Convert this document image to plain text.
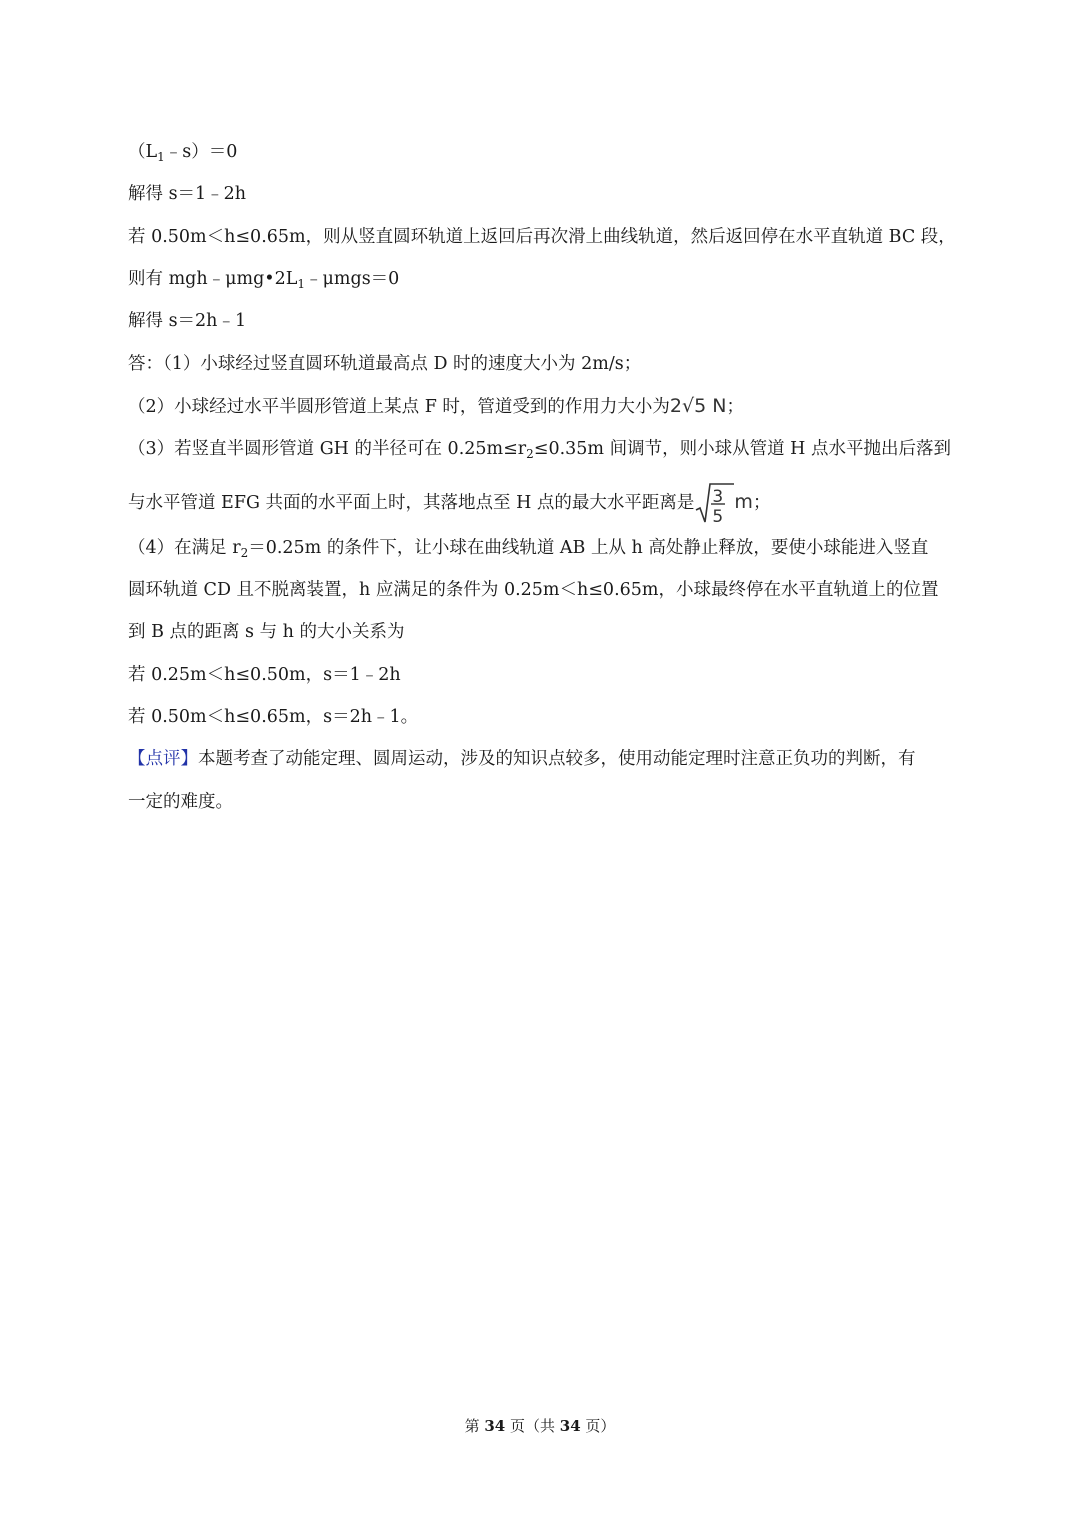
$(L_1﹣s)=0$
解得 s＝1﹣2h
若 0.50m＜h≤0.65m，则从竖直圆环轨道上返回后再次滑上曲线轨道，然后返回停在水平直轨道 BC 段，
则有 $mgh﹣\mu mg•2L_1﹣\mu mgs=0$
解得 s＝2h﹣1
答：（1）小球经过竖直圆环轨道最高点 D 时的速度大小为 2m/s；
（2）小球经过水平半圆形管道上某点 F 时，管道受到的作用力大小为2√5 N；
（3）若竖直半圆形管道 GH 的半径可在 $0.25m\le r_2\le 0.35m$ 间调节，则小球从管道 H 点水平抛出后落到
与水平管道 EFG 共面的水平面上时，其落地点至 H 点的最大水平距离是 3
5
m；
（4）在满足 $r_2=0.25m$ 的条件下，让小球在曲线轨道 AB 上从 h 高处静止释放，要使小球能进入竖直
圆环轨道 CD 且不脱离装置，h 应满足的条件为 0.25m＜h≤0.65m，小球最终停在水平直轨道上的位置
到 B 点的距离 s 与 h 的大小关系为
若 0.25m＜h≤0.50m，s＝1﹣2h
若 0.50m＜h≤0.65m，s＝2h﹣1。
【点评】本题考查了动能定理、圆周运动，涉及的知识点较多，使用动能定理时注意正负功的判断，有
一定的难度。
第 34 页（共 34 页）
